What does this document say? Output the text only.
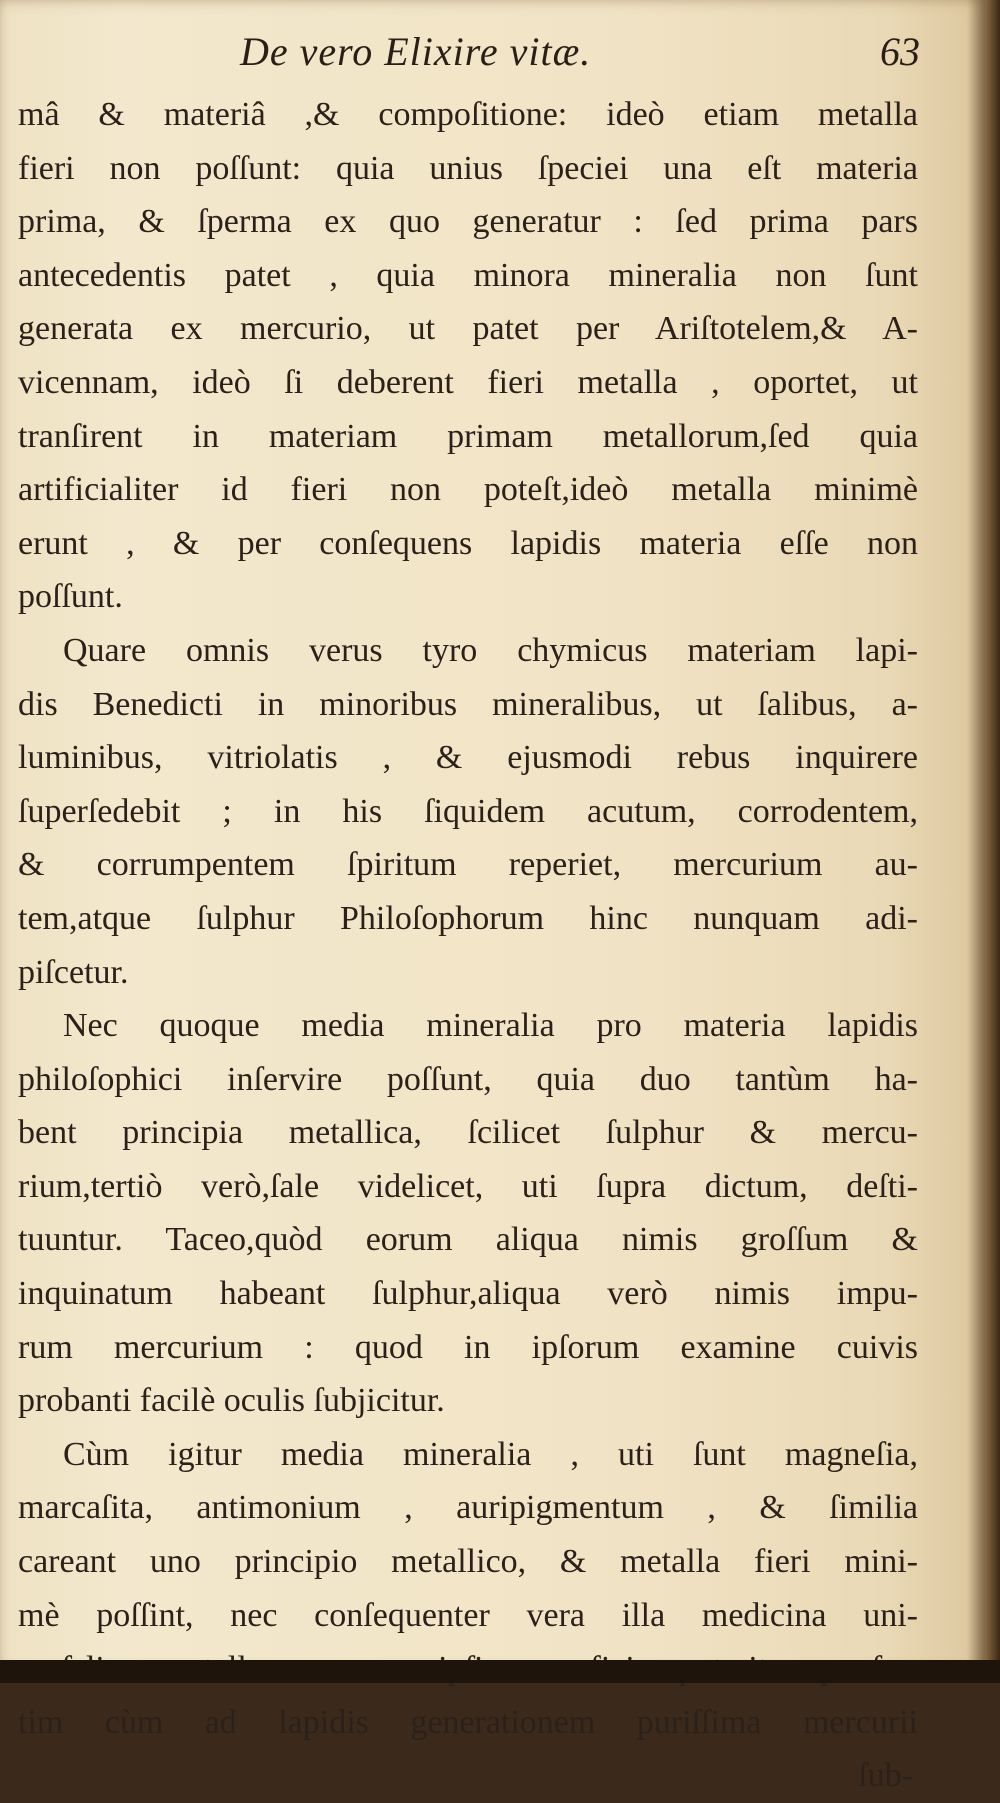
De vero Elixire vitæ.	63
mâ & materiâ ,& compoſitione: ideò etiam metalla
fieri non poſſunt: quia unius ſpeciei una eſt materia
prima, & ſperma ex quo generatur : ſed prima pars
antecedentis patet , quia minora mineralia non ſunt
generata ex mercurio, ut patet per Ariſtotelem,& A-
vicennam, ideò ſi deberent fieri metalla , oportet, ut
tranſirent in materiam primam metallorum,ſed quia
artificialiter id fieri non poteſt,ideò metalla minimè
erunt , & per conſequens lapidis materia eſſe non
poſſunt.
Quare omnis verus tyro chymicus materiam lapi-
dis Benedicti in minoribus mineralibus, ut ſalibus, a-
luminibus, vitriolatis , & ejusmodi rebus inquirere
ſuperſedebit ; in his ſiquidem acutum, corrodentem,
& corrumpentem ſpiritum reperiet, mercurium au-
tem,atque ſulphur Philoſophorum hinc nunquam adi-
piſcetur.
Nec quoque media mineralia pro materia lapidis
philoſophici inſervire poſſunt, quia duo tantùm ha-
bent principia metallica, ſcilicet ſulphur & mercu-
rium,tertiò verò,ſale videlicet, uti ſupra dictum, deſti-
tuuntur. Taceo,quòd eorum aliqua nimis groſſum &
inquinatum habeant ſulphur,aliqua verò nimis impu-
rum mercurium : quod in ipſorum examine cuivis
probanti facilè oculis ſubjicitur.
Cùm igitur media mineralia , uti ſunt magneſia,
marcaſita, antimonium , auripigmentum , & ſimilia
careant uno principio metallico, & metalla fieri mini-
mè poſſint, nec conſequenter vera illa medicina uni-
tim cùm ad lapidis generationem puriſſima mercurii
ſub-
